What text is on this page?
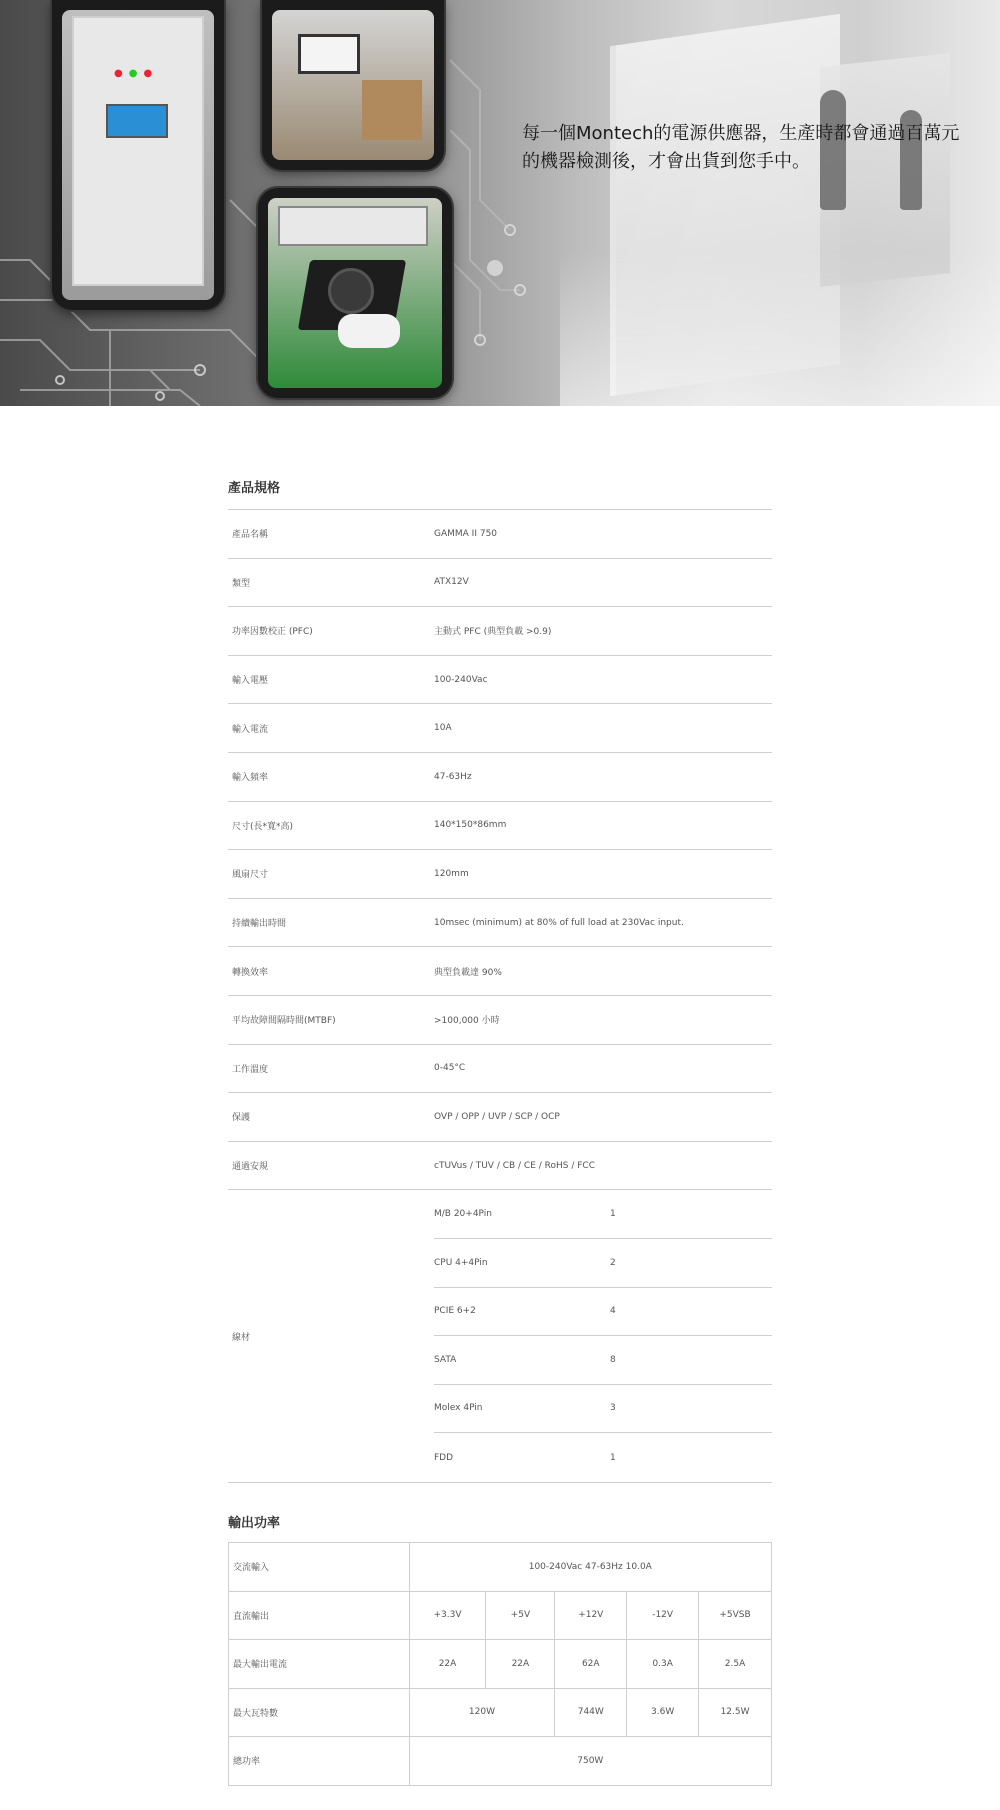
●●●
每一個Montech的電源供應器，生產時都會通過百萬元
的機器檢測後，才會出貨到您手中。
產品規格
產品名稱	GAMMA II 750
類型	ATX12V
功率因數校正 (PFC)	主動式 PFC (典型負載 >0.9)
輸入電壓	100-240Vac
輸入電流	10A
輸入頻率	47-63Hz
尺寸(長*寬*高)	140*150*86mm
風扇尺寸	120mm
持續輸出時間	10msec (minimum) at 80% of full load at 230Vac input.
轉換效率	典型負載達 90%
平均故障間隔時間(MTBF)	>100,000 小時
工作溫度	0-45°C
保護	OVP / OPP / UVP / SCP / OCP
通過安規	cTUVus / TUV / CB / CE / RoHS / FCC
線材
M/B 20+4Pin	1
CPU 4+4Pin	2
PCIE 6+2	4
SATA	8
Molex 4Pin	3
FDD	1
輸出功率
交流輸入	100-240Vac 47-63Hz 10.0A				
直流輸出	+3.3V	+5V	+12V	-12V	+5VSB
最大輸出電流	22A	22A	62A	0.3A	2.5A
最大瓦特數	120W		744W	3.6W	12.5W
總功率	750W				
